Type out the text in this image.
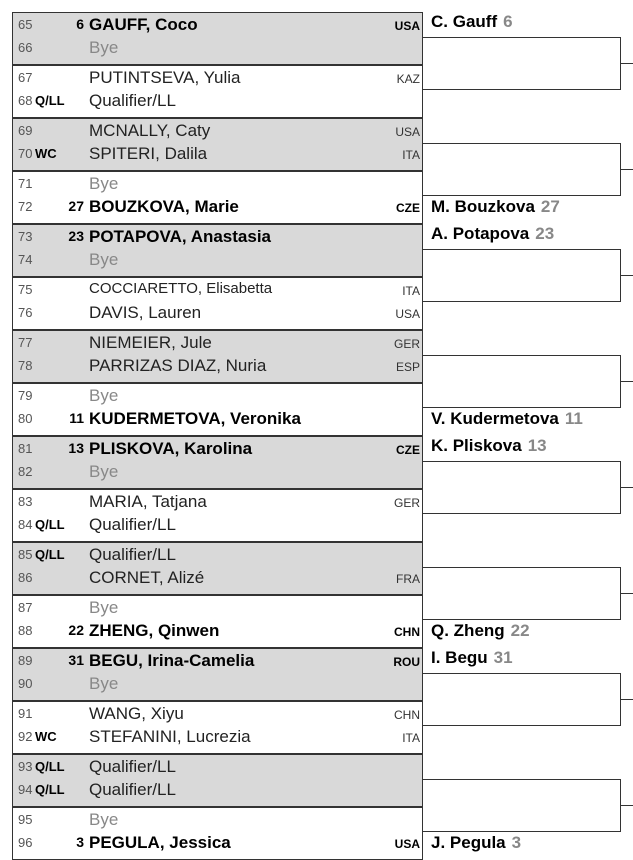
65	6 GAUFF, Coco	USA
66	Bye
67	PUTINTSEVA, Yulia	KAZ
68 Q/LL	Qualifier/LL
69	MCNALLY, Caty	USA
70 WC	SPITERI, Dalila	ITA
71	Bye
72	27 BOUZKOVA, Marie	CZE
73	23 POTAPOVA, Anastasia
74	Bye
75	COCCIARETTO, Elisabetta	ITA
76	DAVIS, Lauren	USA
77	NIEMEIER, Jule	GER
78	PARRIZAS DIAZ, Nuria	ESP
79	Bye
80	11 KUDERMETOVA, Veronika
81	13 PLISKOVA, Karolina	CZE
82	Bye
83	MARIA, Tatjana	GER
84 Q/LL	Qualifier/LL
85 Q/LL	Qualifier/LL
86	CORNET, Alizé	FRA
87	Bye
88	22 ZHENG, Qinwen	CHN
89	31 BEGU, Irina-Camelia	ROU
90	Bye
91	WANG, Xiyu	CHN
92 WC	STEFANINI, Lucrezia	ITA
93 Q/LL	Qualifier/LL
94 Q/LL	Qualifier/LL
95	Bye
96	3 PEGULA, Jessica	USA
C. Gauff 6
M. Bouzkova 27
A. Potapova 23
V. Kudermetova 11
K. Pliskova 13
Q. Zheng 22
I. Begu 31
J. Pegula 3
